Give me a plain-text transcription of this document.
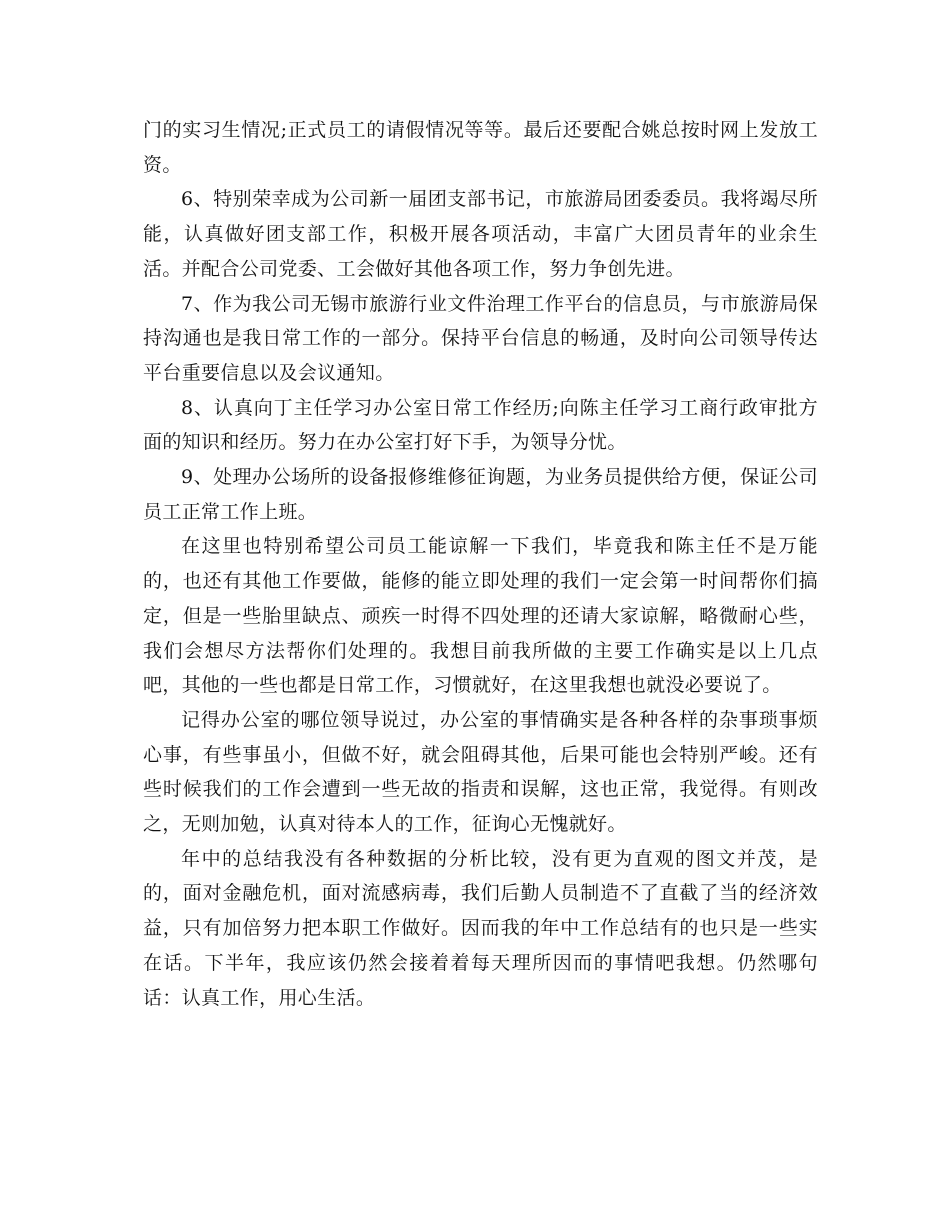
门的实习生情况;正式员工的请假情况等等。最后还要配合姚总按时网上发放工资。

6、特别荣幸成为公司新一届团支部书记，市旅游局团委委员。我将竭尽所能，认真做好团支部工作，积极开展各项活动，丰富广大团员青年的业余生活。并配合公司党委、工会做好其他各项工作，努力争创先进。

7、作为我公司无锡市旅游行业文件治理工作平台的信息员，与市旅游局保持沟通也是我日常工作的一部分。保持平台信息的畅通，及时向公司领导传达平台重要信息以及会议通知。

8、认真向丁主任学习办公室日常工作经历;向陈主任学习工商行政审批方面的知识和经历。努力在办公室打好下手，为领导分忧。

9、处理办公场所的设备报修维修征询题，为业务员提供给方便，保证公司员工正常工作上班。

在这里也特别希望公司员工能谅解一下我们，毕竟我和陈主任不是万能的，也还有其他工作要做，能修的能立即处理的我们一定会第一时间帮你们搞定，但是一些胎里缺点、顽疾一时得不四处理的还请大家谅解，略微耐心些，我们会想尽方法帮你们处理的。我想目前我所做的主要工作确实是以上几点吧，其他的一些也都是日常工作，习惯就好，在这里我想也就没必要说了。

记得办公室的哪位领导说过，办公室的事情确实是各种各样的杂事琐事烦心事，有些事虽小，但做不好，就会阻碍其他，后果可能也会特别严峻。还有些时候我们的工作会遭到一些无故的指责和误解，这也正常，我觉得。有则改之，无则加勉，认真对待本人的工作，征询心无愧就好。

年中的总结我没有各种数据的分析比较，没有更为直观的图文并茂，是的，面对金融危机，面对流感病毒，我们后勤人员制造不了直截了当的经济效益，只有加倍努力把本职工作做好。因而我的年中工作总结有的也只是一些实在话。下半年，我应该仍然会接着着每天理所因而的事情吧我想。仍然哪句话：认真工作，用心生活。
